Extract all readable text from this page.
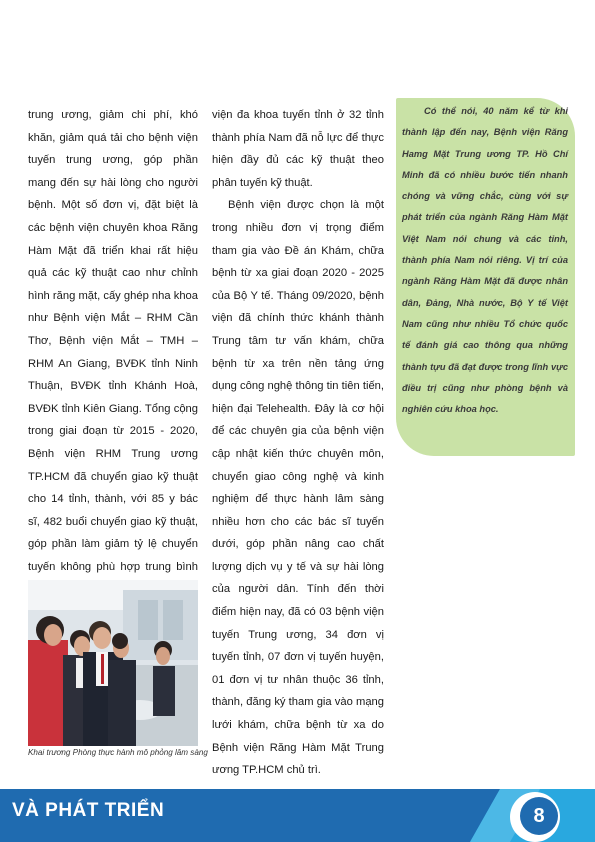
trung ương, giảm chi phí, khó khăn, giảm quá tải cho bệnh viện tuyến trung ương, góp phần mang đến sự hài lòng cho người bệnh. Một số đơn vị, đặt biệt là các bệnh viện chuyên khoa Răng Hàm Mặt đã triển khai rất hiệu quả các kỹ thuật cao như chỉnh hình răng mặt, cấy ghép nha khoa như Bệnh viện Mắt – RHM Cần Thơ, Bệnh viện Mắt – TMH – RHM An Giang, BVĐK tỉnh Ninh Thuận, BVĐK tỉnh Khánh Hoà, BVĐK tỉnh Kiên Giang. Tổng cộng trong giai đoạn từ 2015 - 2020, Bệnh viện RHM Trung ương TP.HCM đã chuyển giao kỹ thuật cho 14 tỉnh, thành, với 85 y bác sĩ, 482 buổi chuyển giao kỹ thuật, góp phần làm giảm tỷ lệ chuyển tuyến không phù hợp trung bình

viện đa khoa tuyến tỉnh ở 32 tỉnh thành phía Nam đã nỗ lực để thực hiện đầy đủ các kỹ thuật theo phân tuyến kỹ thuật.

Bệnh viện được chọn là một trong nhiều đơn vị trọng điểm tham gia vào Đề án Khám, chữa bệnh từ xa giai đoạn 2020 - 2025 của Bộ Y tế. Tháng 09/2020, bệnh viện đã chính thức khánh thành Trung tâm tư vấn khám, chữa bệnh từ xa trên nền tảng ứng dụng công nghệ thông tin tiên tiến, hiện đại Telehealth. Đây là cơ hội để các chuyên gia của bệnh viện cập nhật kiến thức chuyên môn, chuyển giao công nghệ và kinh nghiệm để thực hành lâm sàng nhiều hơn cho các bác sĩ tuyến dưới, góp phần nâng cao chất lượng dịch vụ y tế và sự hài lòng của người dân. Tính đến thời điểm hiện nay, đã có 03 bệnh viện tuyến Trung ương, 34 đơn vị tuyến tỉnh, 07 đơn vị tuyến huyện, 01 đơn vị tư nhân thuộc 36 tỉnh, thành, đăng ký tham gia vào mạng lưới khám, chữa bệnh từ xa do Bệnh viện Răng Hàm Mặt Trung ương TP.HCM chủ trì.

Có thể nói, 40 năm kể từ khi thành lập đến nay, Bệnh viện Răng Hamg Mặt Trung ương TP. Hồ Chí Minh đã có nhiều bước tiến nhanh chóng và vững chắc, cùng với sự phát triển của ngành Răng Hàm Mặt Việt Nam nói chung và các tỉnh, thành phía Nam nói riêng. Vị trí của ngành Răng Hàm Mặt đã được nhân dân, Đảng, Nhà nước, Bộ Y tế Việt Nam cũng như nhiều Tổ chức quốc tế đánh giá cao thông qua những thành tựu đã đạt được trong lĩnh vực điều trị cũng như phòng bệnh và nghiên cứu khoa học.
Khai trương Phòng thực hành mô phỏng lâm sàng
VÀ PHÁT TRIỂN	8
